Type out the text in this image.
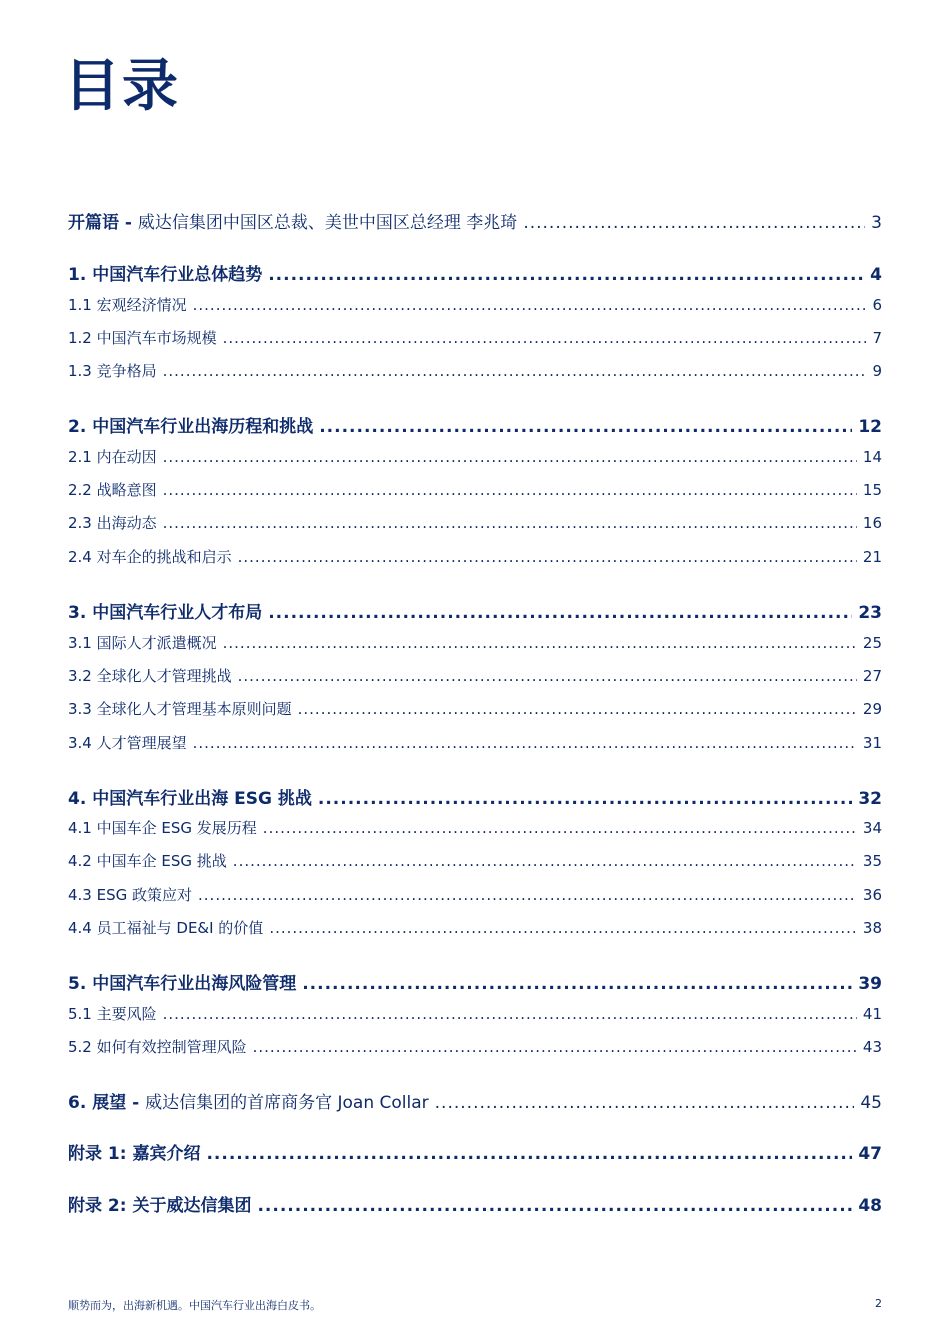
目录
开篇语 - 威达信集团中国区总裁、美世中国区总经理 李兆琦 .....	3
1. 中国汽车行业总体趋势 .....	4
1.1 宏观经济情况 .....	6
1.2 中国汽车市场规模 .....	7
1.3 竞争格局 .....	9
2. 中国汽车行业出海历程和挑战 .....	12
2.1 内在动因 .....	14
2.2 战略意图 .....	15
2.3 出海动态 .....	16
2.4 对车企的挑战和启示 .....	21
3. 中国汽车行业人才布局 .....	23
3.1 国际人才派遣概况 .....	25
3.2 全球化人才管理挑战 .....	27
3.3 全球化人才管理基本原则问题 .....	29
3.4 人才管理展望 .....	31
4. 中国汽车行业出海 ESG 挑战 .....	32
4.1 中国车企 ESG 发展历程 .....	34
4.2 中国车企 ESG 挑战 .....	35
4.3 ESG 政策应对 .....	36
4.4 员工福祉与 DE&I 的价值 .....	38
5. 中国汽车行业出海风险管理 .....	39
5.1 主要风险 .....	41
5.2 如何有效控制管理风险 .....	43
6. 展望 - 威达信集团的首席商务官 Joan Collar .....	45
附录 1: 嘉宾介绍 .....	47
附录 2: 关于威达信集团 .....	48
顺势而为，出海新机遇。中国汽车行业出海白皮书。	2
